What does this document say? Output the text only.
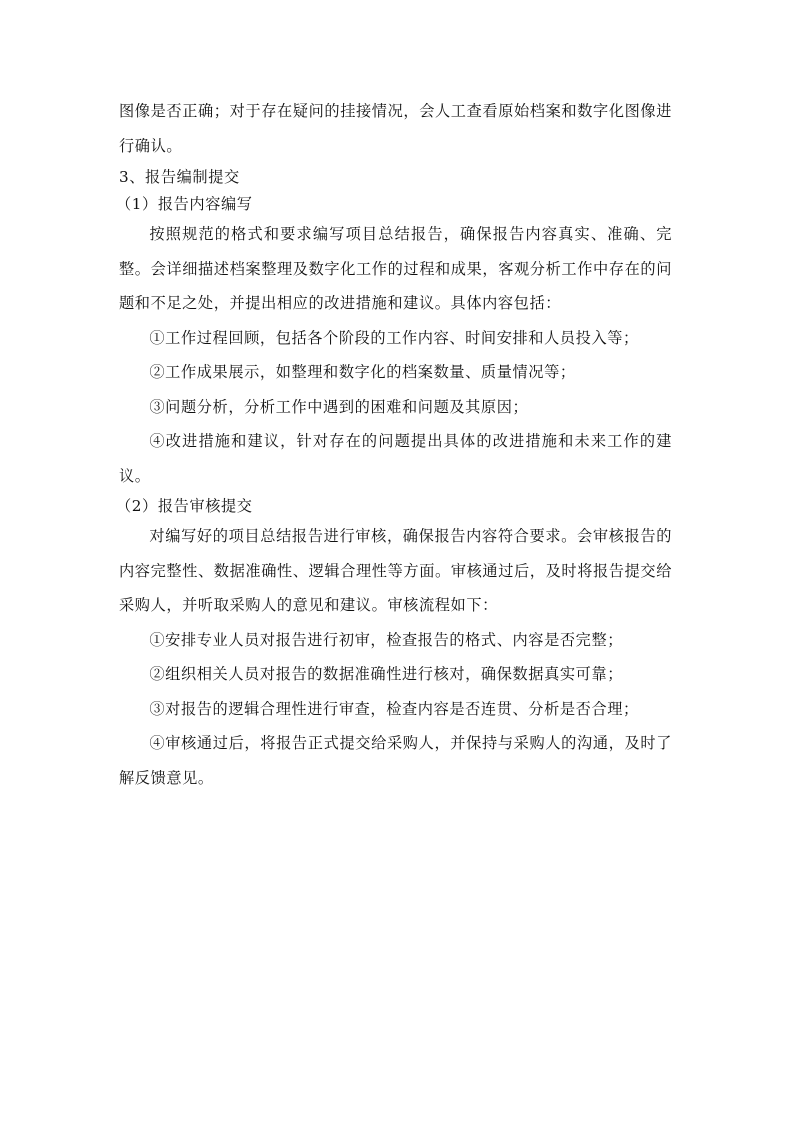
图像是否正确；对于存在疑问的挂接情况，会人工查看原始档案和数字化图像进行确认。

3、报告编制提交

（1）报告内容编写

按照规范的格式和要求编写项目总结报告，确保报告内容真实、准确、完整。会详细描述档案整理及数字化工作的过程和成果，客观分析工作中存在的问题和不足之处，并提出相应的改进措施和建议。具体内容包括：

①工作过程回顾，包括各个阶段的工作内容、时间安排和人员投入等；

②工作成果展示，如整理和数字化的档案数量、质量情况等；

③问题分析，分析工作中遇到的困难和问题及其原因；

④改进措施和建议，针对存在的问题提出具体的改进措施和未来工作的建议。

（2）报告审核提交

对编写好的项目总结报告进行审核，确保报告内容符合要求。会审核报告的内容完整性、数据准确性、逻辑合理性等方面。审核通过后，及时将报告提交给采购人，并听取采购人的意见和建议。审核流程如下：

①安排专业人员对报告进行初审，检查报告的格式、内容是否完整；

②组织相关人员对报告的数据准确性进行核对，确保数据真实可靠；

③对报告的逻辑合理性进行审查，检查内容是否连贯、分析是否合理；

④审核通过后，将报告正式提交给采购人，并保持与采购人的沟通，及时了解反馈意见。
